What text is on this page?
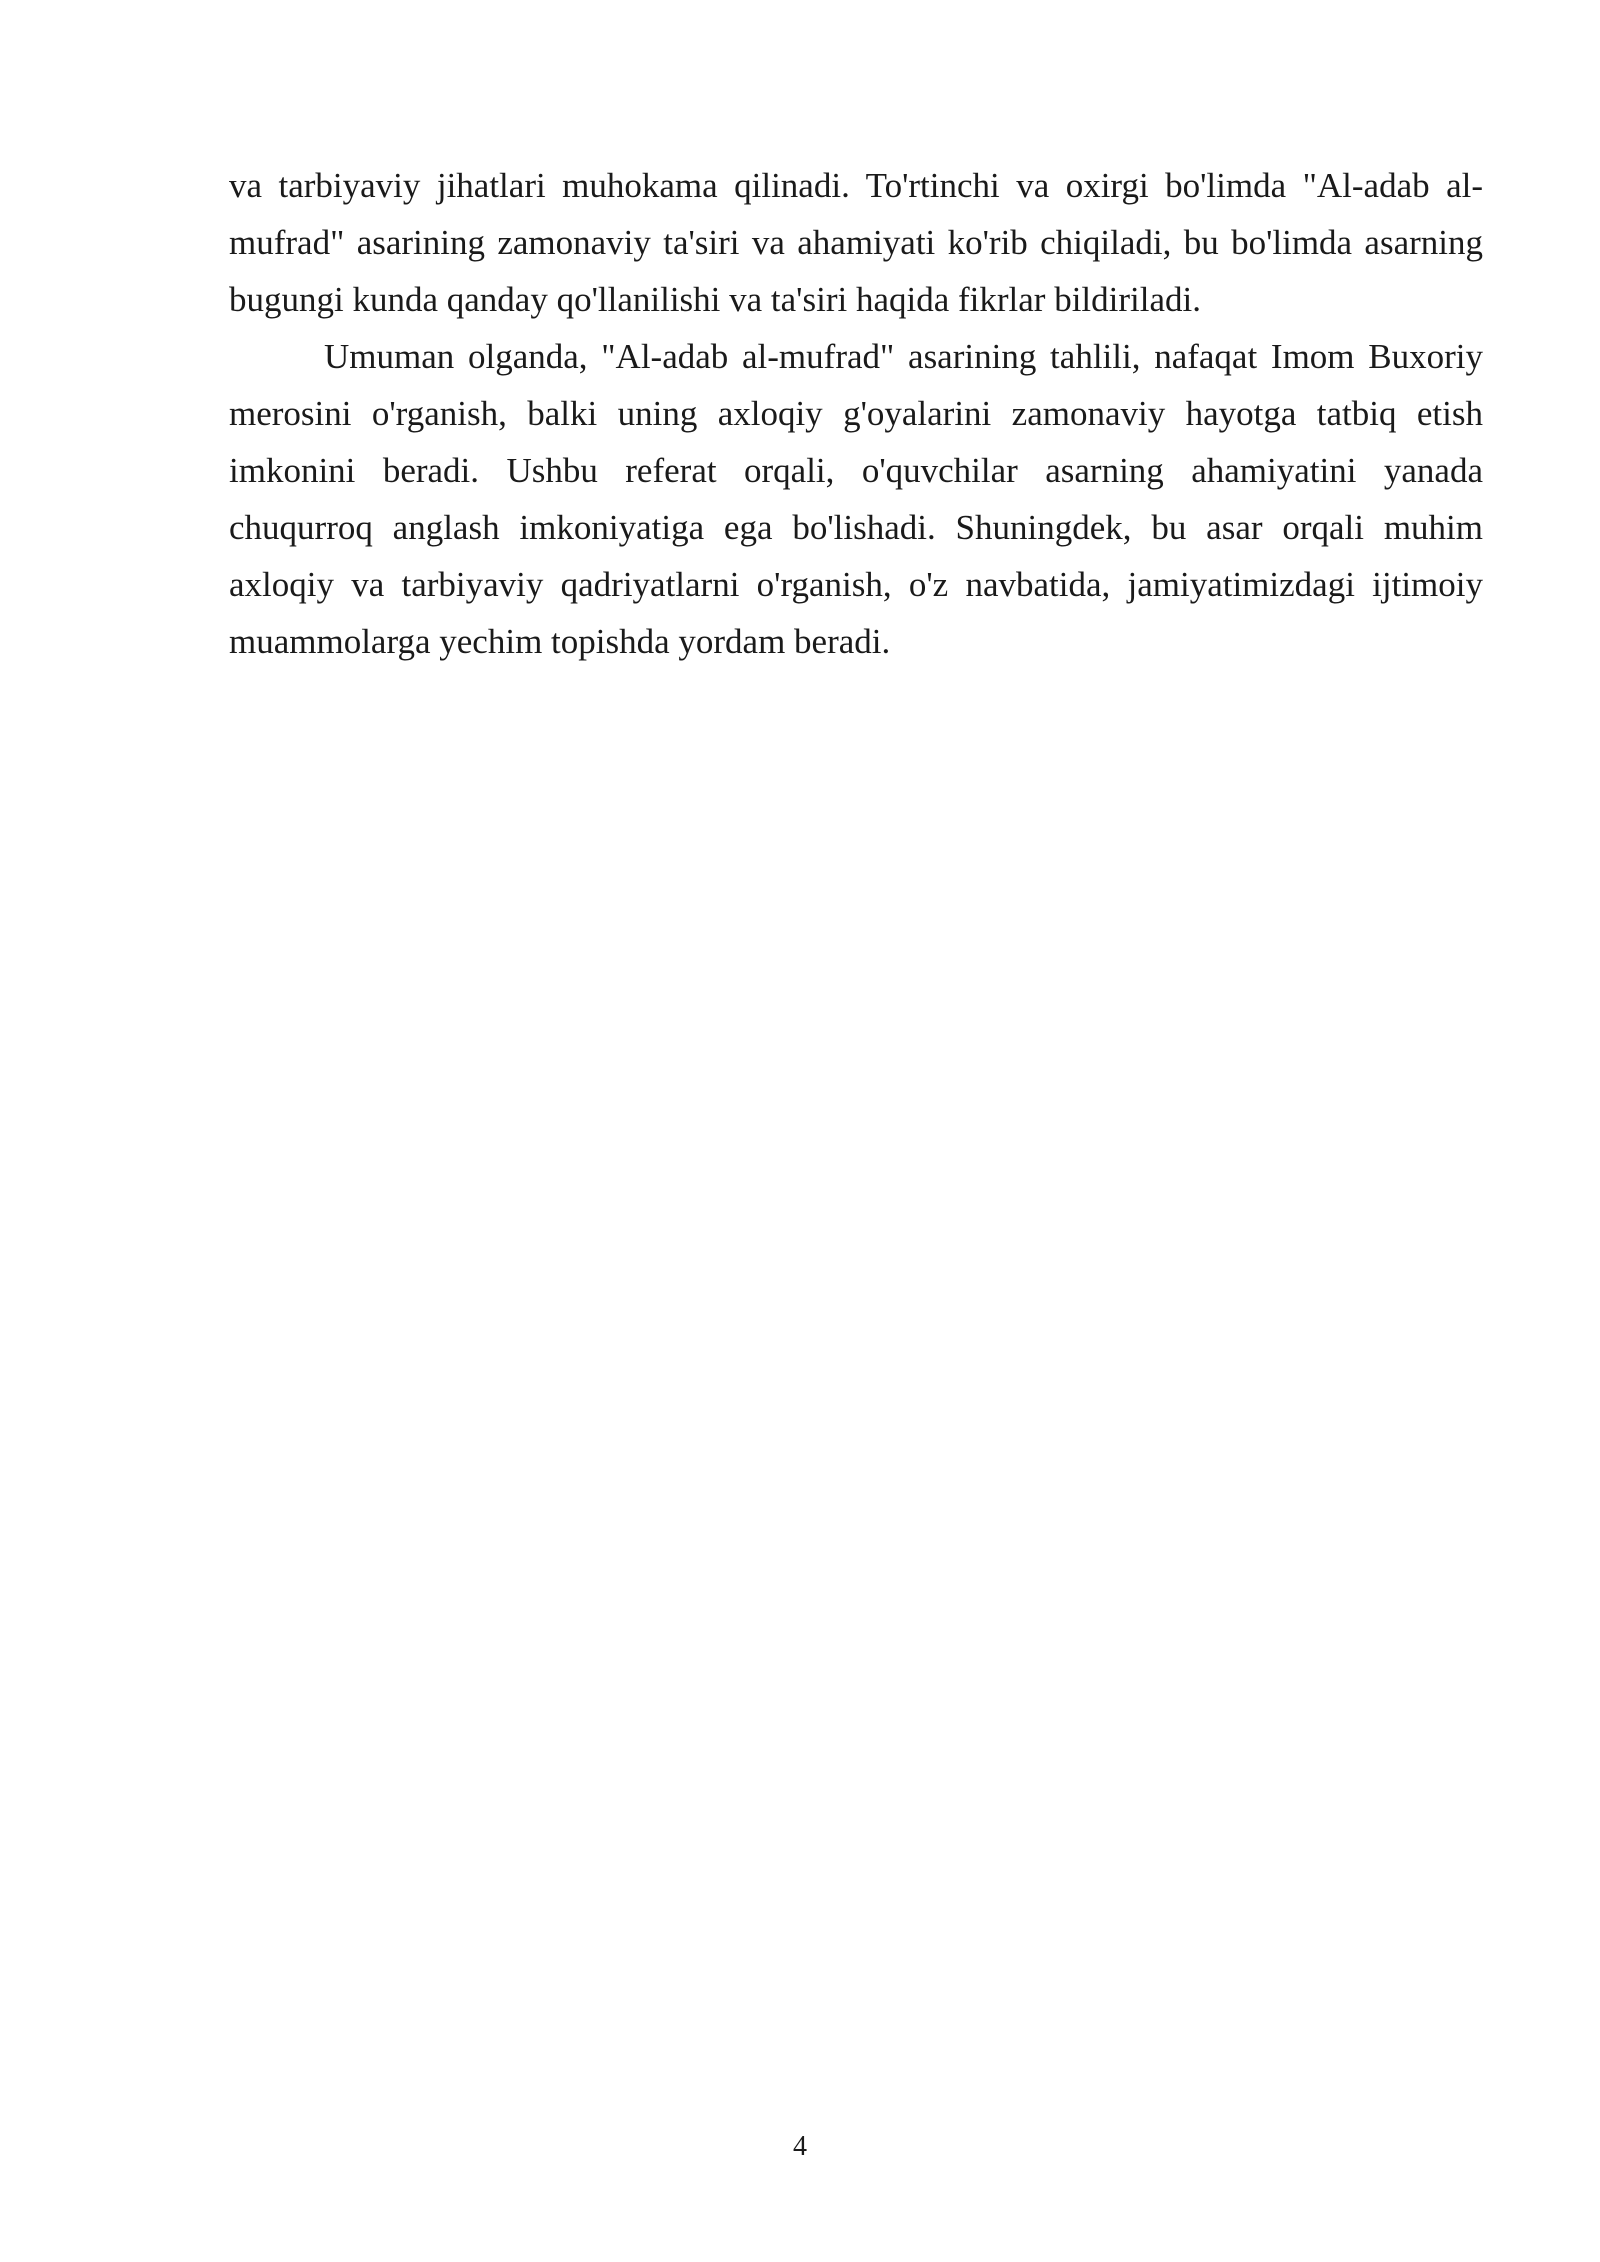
va tarbiyaviy jihatlari muhokama qilinadi. To'rtinchi va oxirgi bo'limda "Al-adab al-mufrad" asarining zamonaviy ta'siri va ahamiyati ko'rib chiqiladi, bu bo'limda asarning bugungi kunda qanday qo'llanilishi va ta'siri haqida fikrlar bildiriladi.

Umuman olganda, "Al-adab al-mufrad" asarining tahlili, nafaqat Imom Buxoriy merosini o'rganish, balki uning axloqiy g'oyalarini zamonaviy hayotga tatbiq etish imkonini beradi. Ushbu referat orqali, o'quvchilar asarning ahamiyatini yanada chuqurroq anglash imkoniyatiga ega bo'lishadi. Shuningdek, bu asar orqali muhim axloqiy va tarbiyaviy qadriyatlarni o'rganish, o'z navbatida, jamiyatimizdagi ijtimoiy muammolarga yechim topishda yordam beradi.

4
